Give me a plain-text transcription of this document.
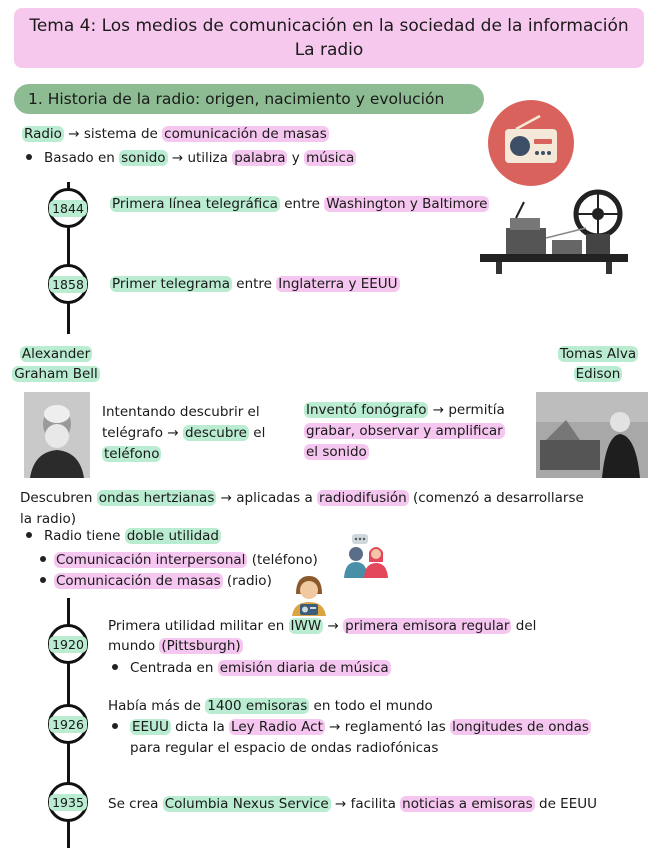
Tema 4: Los medios de comunicación en la sociedad de la información
La radio
1. Historia de la radio: origen, nacimiento y evolución
Radio → sistema de comunicación de masas
Basado en sonido → utiliza palabra y música
1844
1858
Primera línea telegráfica entre Washington y Baltimore
Primer telegrama entre Inglaterra y EEUU
Alexander
Graham Bell
Intentando descubrir el
telégrafo → descubre el
teléfono
Tomas Alva
Edison
Inventó fonógrafo → permitía
grabar, observar y amplificar
el sonido
Descubren ondas hertzianas → aplicadas a radiodifusión (comenzó a desarrollarse
la radio)
Radio tiene doble utilidad
Comunicación interpersonal (teléfono)
Comunicación de masas (radio)
1920
1926
1935
Primera utilidad militar en IWW → primera emisora regular del
mundo (Pittsburgh)
Centrada en emisión diaria de música
Había más de 1400 emisoras en todo el mundo
EEUU dicta la Ley Radio Act → reglamentó las longitudes de ondas
para regular el espacio de ondas radiofónicas
Se crea Columbia Nexus Service → facilita noticias a emisoras de EEUU
